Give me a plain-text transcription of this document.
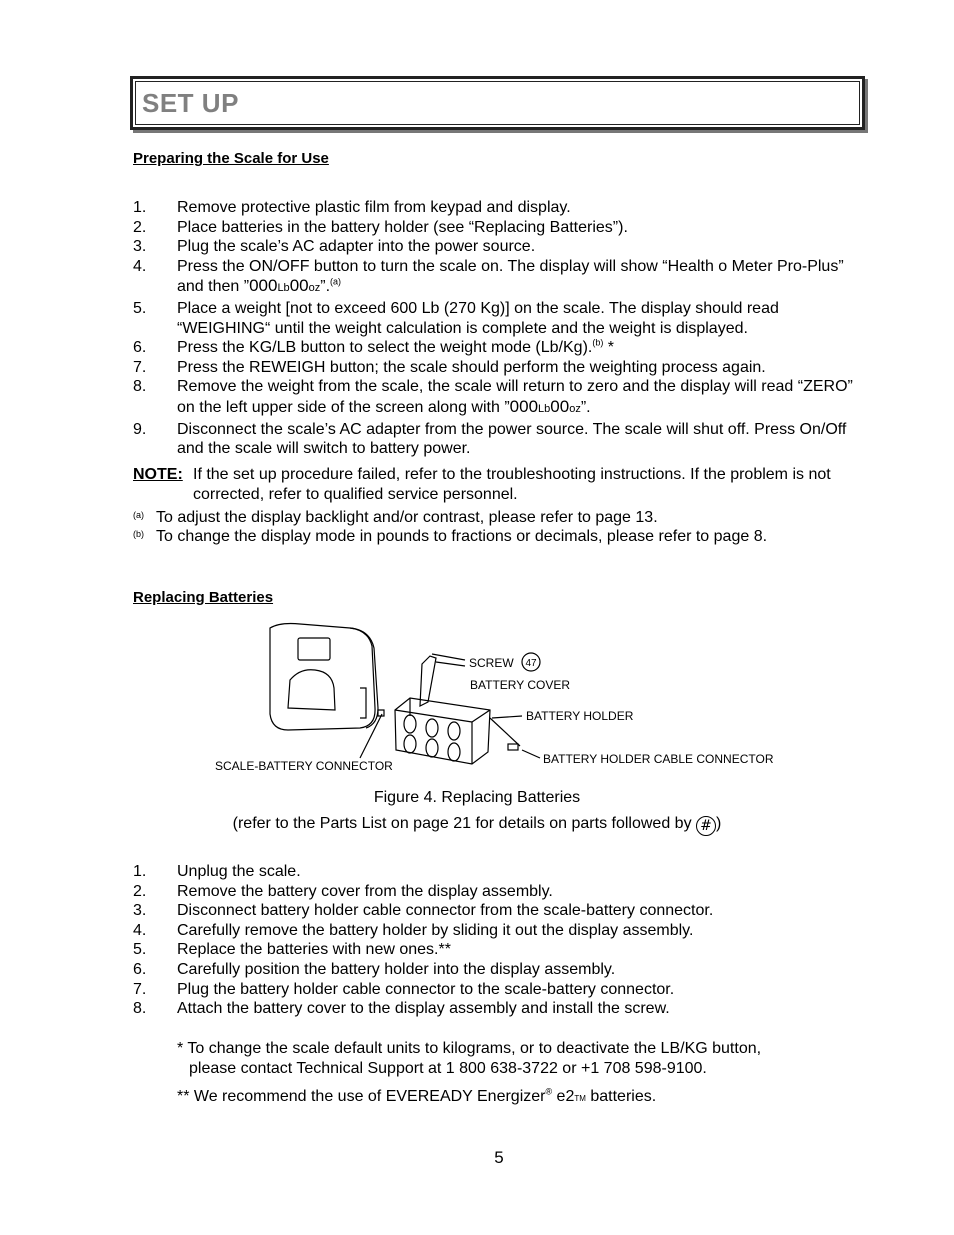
SET UP
Preparing the Scale for Use
1. Remove protective plastic film from keypad and display.
2. Place batteries in the battery holder (see “Replacing Batteries”).
3. Plug the scale’s AC adapter into the power source.
4. Press the ON/OFF button to turn the scale on. The display will show “Health o Meter Pro-Plus” and then ”000Lb00oz”.$^{(a)}$
5. Place a weight [not to exceed 600 Lb (270 Kg)] on the scale. The display should read “WEIGHING“ until the weight calculation is complete and the weight is displayed.
6. Press the KG/LB button to select the weight mode (Lb/Kg).$^{(b)}$ *
7. Press the REWEIGH button; the scale should perform the weighting process again.
8. Remove the weight from the scale, the scale will return to zero and the display will read “ZERO” on the left upper side of the screen along with ”000Lb00oz”.
9. Disconnect the scale’s AC adapter from the power source. The scale will shut off. Press On/Off and the scale will switch to battery power.
NOTE: If the set up procedure failed, refer to the troubleshooting instructions. If the problem is not corrected, refer to qualified service personnel.
(a) To adjust the display backlight and/or contrast, please refer to page 13.
(b) To change the display mode in pounds to fractions or decimals, please refer to page 8.
Replacing Batteries
SCREW 47
BATTERY COVER
BATTERY HOLDER
BATTERY HOLDER CABLE CONNECTOR
SCALE-BATTERY CONNECTOR
Figure 4. Replacing Batteries
(refer to the Parts List on page 21 for details on parts followed by # )
1. Unplug the scale.
2. Remove the battery cover from the display assembly.
3. Disconnect battery holder cable connector from the scale-battery connector.
4. Carefully remove the battery holder by sliding it out the display assembly.
5. Replace the batteries with new ones.**
6. Carefully position the battery holder into the display assembly.
7. Plug the battery holder cable connector to the scale-battery connector.
8. Attach the battery cover to the display assembly and install the screw.
* To change the scale default units to kilograms, or to deactivate the LB/KG button,
please contact Technical Support at 1 800 638-3722 or +1 708 598-9100.
** We recommend the use of EVEREADY Energizer® e2TM batteries.
5
